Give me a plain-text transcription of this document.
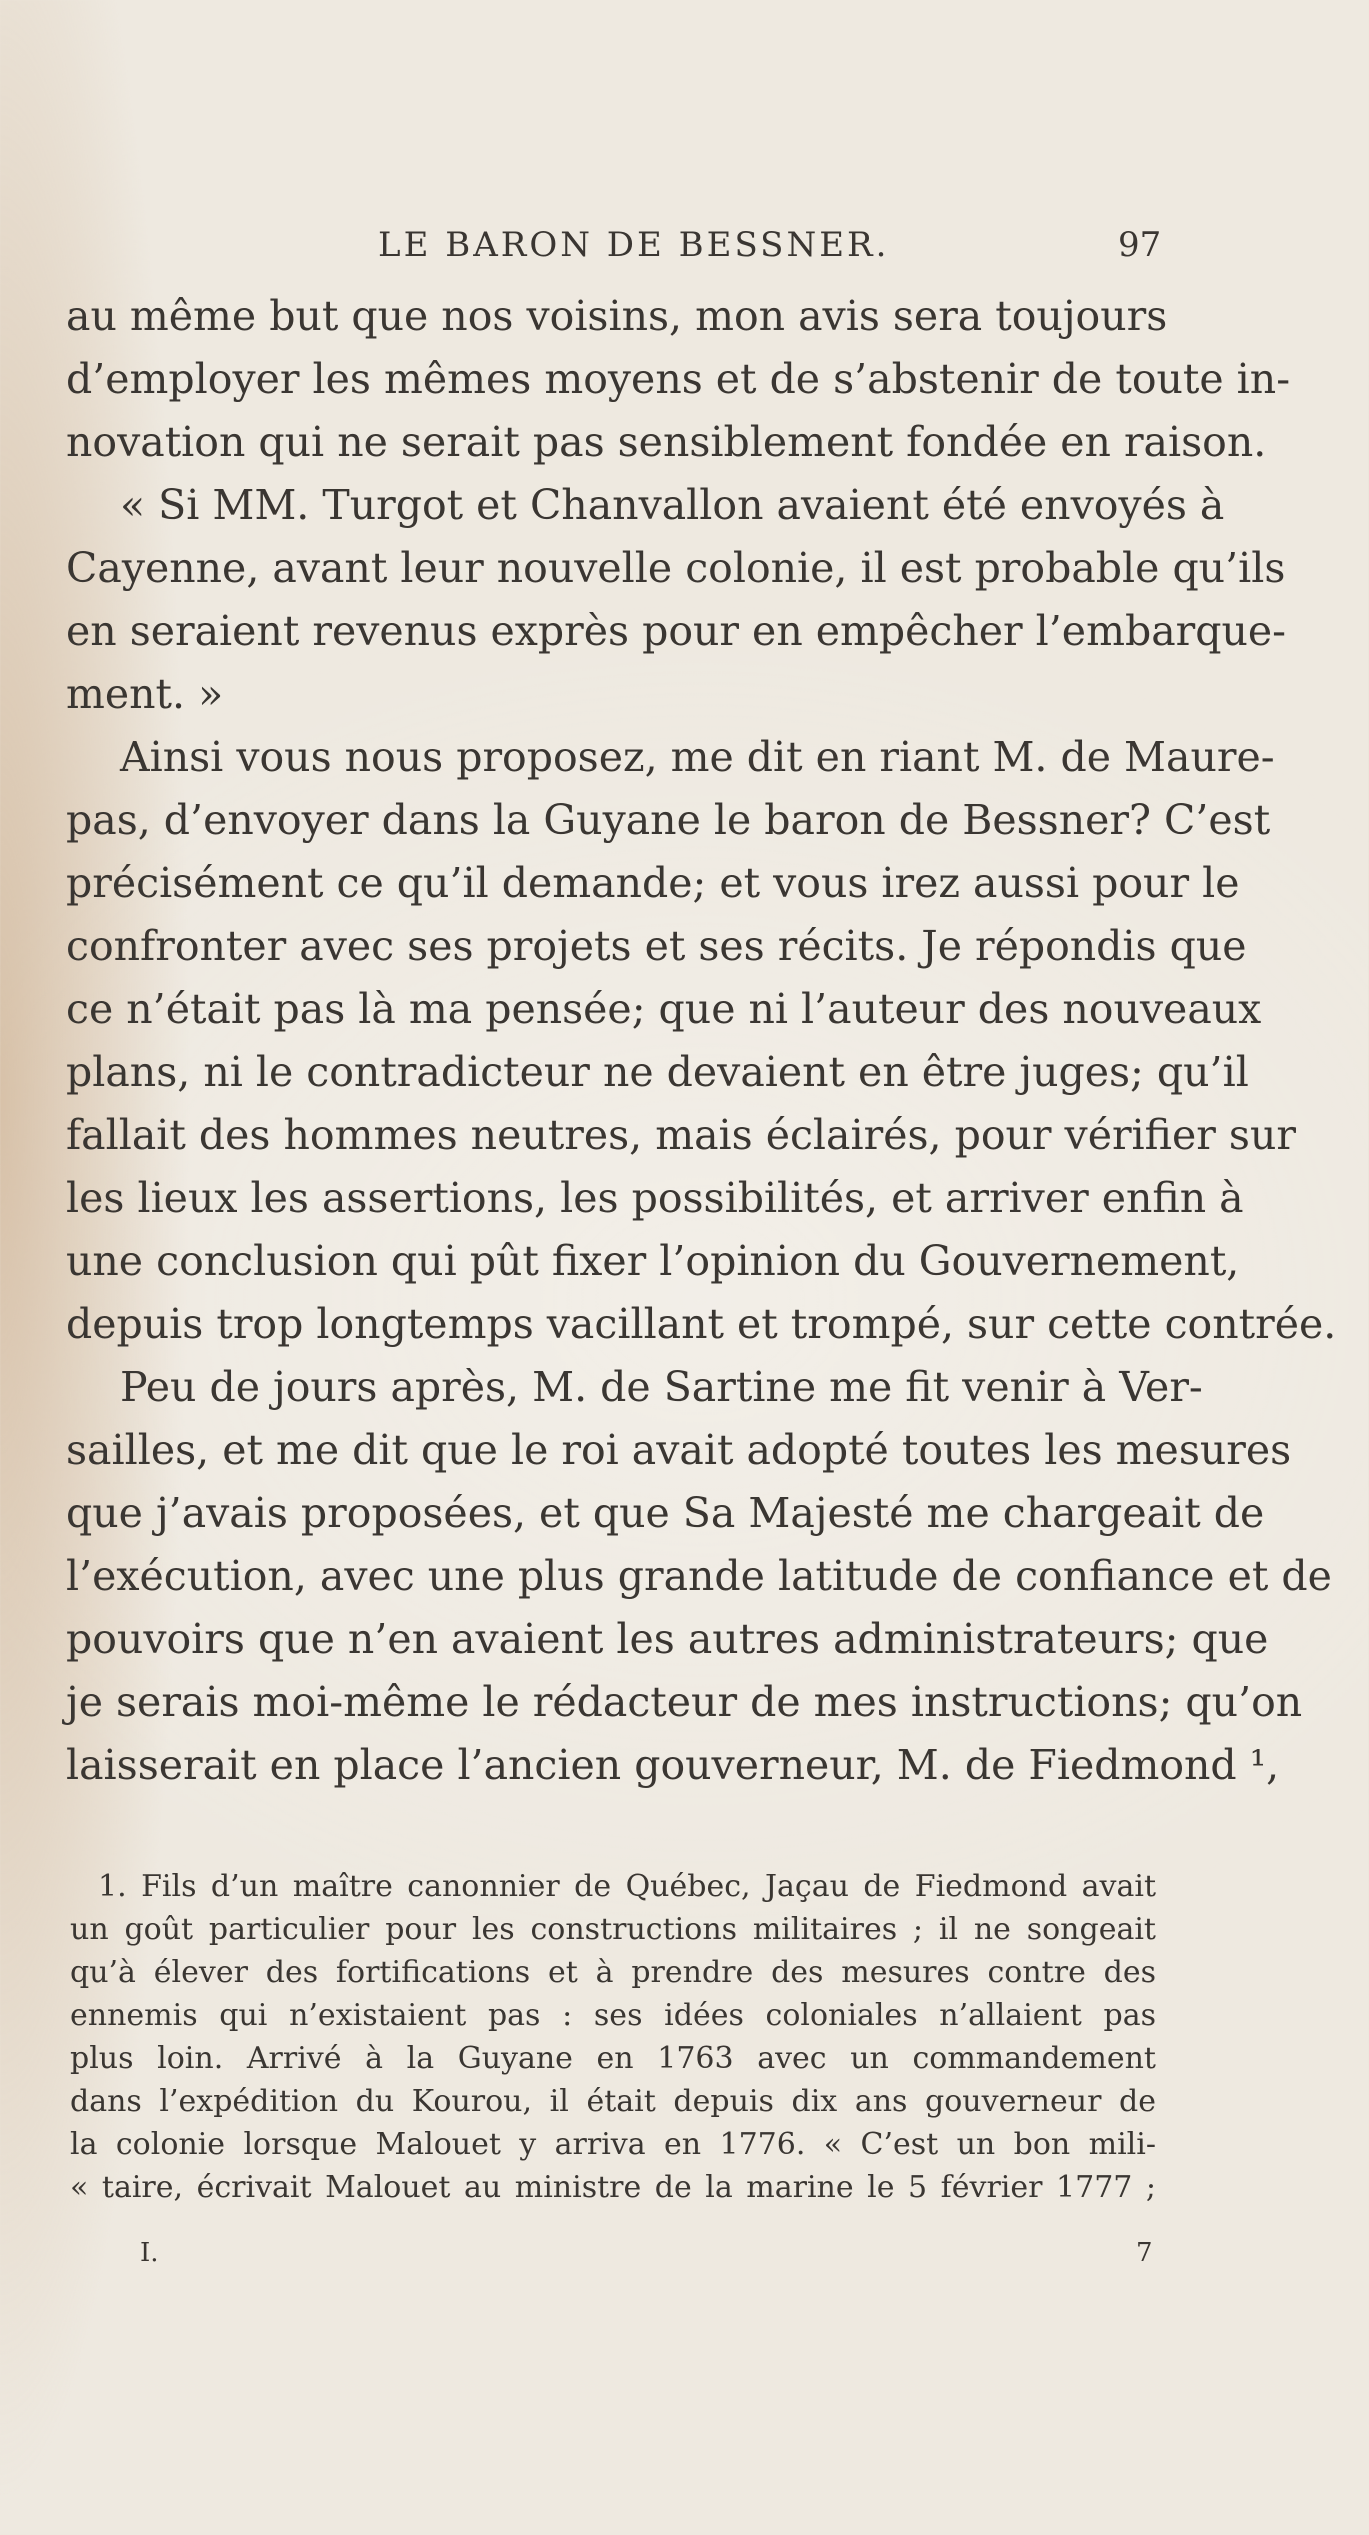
LE BARON DE BESSNER.	97
au même but que nos voisins, mon avis sera toujours
d’employer les mêmes moyens et de s’abstenir de toute in-
novation qui ne serait pas sensiblement fondée en raison.
« Si MM. Turgot et Chanvallon avaient été envoyés à
Cayenne, avant leur nouvelle colonie, il est probable qu’ils
en seraient revenus exprès pour en empêcher l’embarque-
ment. »
Ainsi vous nous proposez, me dit en riant M. de Maure-
pas, d’envoyer dans la Guyane le baron de Bessner? C’est
précisément ce qu’il demande; et vous irez aussi pour le
confronter avec ses projets et ses récits. Je répondis que
ce n’était pas là ma pensée; que ni l’auteur des nouveaux
plans, ni le contradicteur ne devaient en être juges; qu’il
fallait des hommes neutres, mais éclairés, pour vérifier sur
les lieux les assertions, les possibilités, et arriver enfin à
une conclusion qui pût fixer l’opinion du Gouvernement,
depuis trop longtemps vacillant et trompé, sur cette contrée.
Peu de jours après, M. de Sartine me fit venir à Ver-
sailles, et me dit que le roi avait adopté toutes les mesures
que j’avais proposées, et que Sa Majesté me chargeait de
l’exécution, avec une plus grande latitude de confiance et de
pouvoirs que n’en avaient les autres administrateurs; que
je serais moi-même le rédacteur de mes instructions; qu’on
laisserait en place l’ancien gouverneur, M. de Fiedmond ¹,
1. Fils d’un maître canonnier de Québec, Jaçau de Fiedmond avait
un goût particulier pour les constructions militaires ; il ne songeait
qu’à élever des fortifications et à prendre des mesures contre des
ennemis qui n’existaient pas : ses idées coloniales n’allaient pas
plus loin. Arrivé à la Guyane en 1763 avec un commandement
dans l’expédition du Kourou, il était depuis dix ans gouverneur de
la colonie lorsque Malouet y arriva en 1776. « C’est un bon mili-
« taire, écrivait Malouet au ministre de la marine le 5 février 1777 ;
I.	7
